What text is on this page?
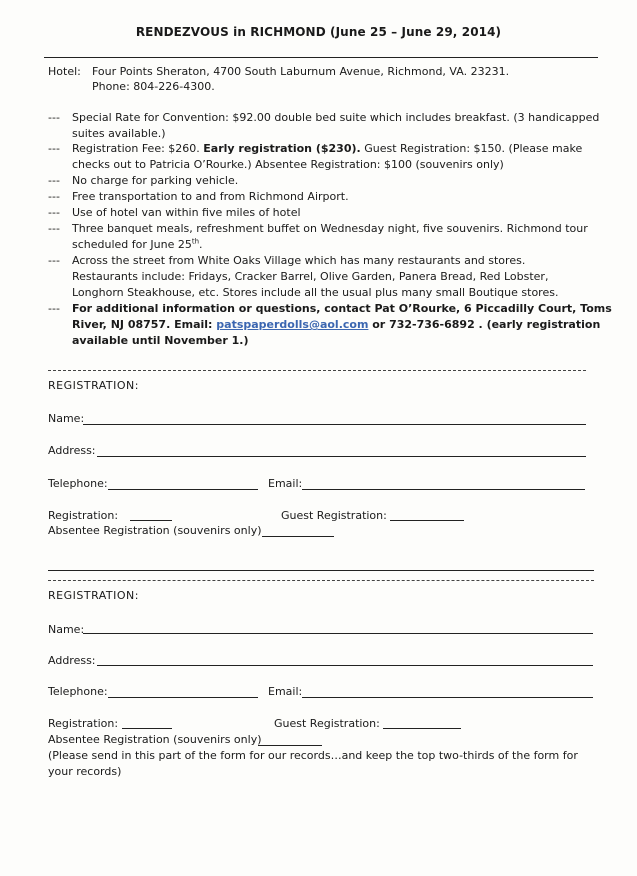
RENDEZVOUS in RICHMOND (June 25 – June 29, 2014)
Hotel: Four Points Sheraton, 4700 South Laburnum Avenue, Richmond, VA. 23231.
Phone: 804-226-4300.
--- Special Rate for Convention: $92.00 double bed suite which includes breakfast. (3 handicapped
suites available.)
--- Registration Fee: $260. Early registration ($230). Guest Registration: $150. (Please make
checks out to Patricia O’Rourke.) Absentee Registration: $100 (souvenirs only)
--- No charge for parking vehicle.
--- Free transportation to and from Richmond Airport.
--- Use of hotel van within five miles of hotel
--- Three banquet meals, refreshment buffet on Wednesday night, five souvenirs. Richmond tour
scheduled for June 25th.
--- Across the street from White Oaks Village which has many restaurants and stores.
Restaurants include: Fridays, Cracker Barrel, Olive Garden, Panera Bread, Red Lobster,
Longhorn Steakhouse, etc. Stores include all the usual plus many small Boutique stores.
--- For additional information or questions, contact Pat O’Rourke, 6 Piccadilly Court, Toms
River, NJ 08757. Email: patspaperdolls@aol.com or 732-736-6892 . (early registration
available until November 1.)
REGISTRATION:
Name:
Address:
Telephone:	Email:
Registration:	Guest Registration:
Absentee Registration (souvenirs only)
REGISTRATION:
Name:
Address:
Telephone:	Email:
Registration:	Guest Registration:
Absentee Registration (souvenirs only)
(Please send in this part of the form for our records…and keep the top two-thirds of the form for
your records)
